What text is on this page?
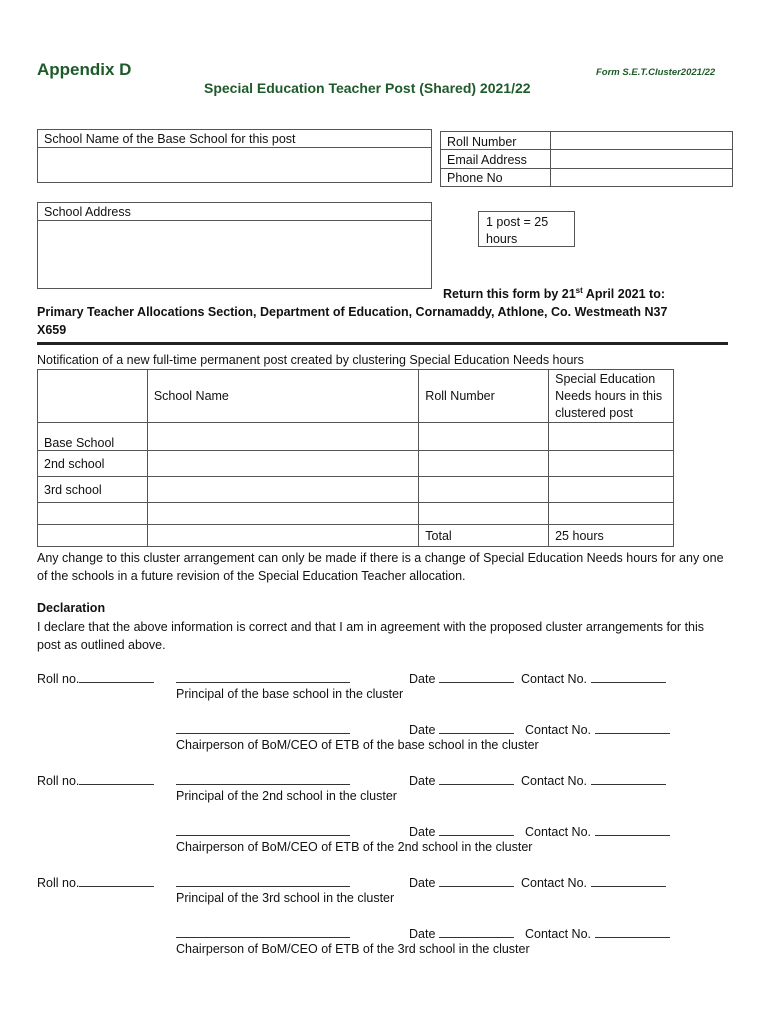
Appendix D	Form S.E.T.Cluster2021/22
Special Education Teacher Post (Shared) 2021/22
School Name of the Base School for this post	Roll Number
Email Address
Phone No
School Address
1 post = 25
hours
Return this form by 21st April 2021 to:
Primary Teacher Allocations Section, Department of Education, Cornamaddy, Athlone, Co. Westmeath N37
X659
Notification of a new full-time permanent post created by clustering Special Education Needs hours
	School Name	Roll Number	Special Education Needs hours in this clustered post
Base School			
2nd school			
3rd school			

		Total	25 hours
Any change to this cluster arrangement can only be made if there is a change of Special Education Needs hours for any one of the schools in a future revision of the Special Education Teacher allocation.
Declaration
I declare that the above information is correct and that I am in agreement with the proposed cluster arrangements for this post as outlined above.
Roll no.	Date	Contact No.
Principal of the base school in the cluster
Date	Contact No.
Chairperson of BoM/CEO of ETB of the base school in the cluster
Roll no.	Date	Contact No.
Principal of the 2nd school in the cluster
Date	Contact No.
Chairperson of BoM/CEO of ETB of the 2nd school in the cluster
Roll no.	Date	Contact No.
Principal of the 3rd school in the cluster
Date	Contact No.
Chairperson of BoM/CEO of ETB of the 3rd school in the cluster
